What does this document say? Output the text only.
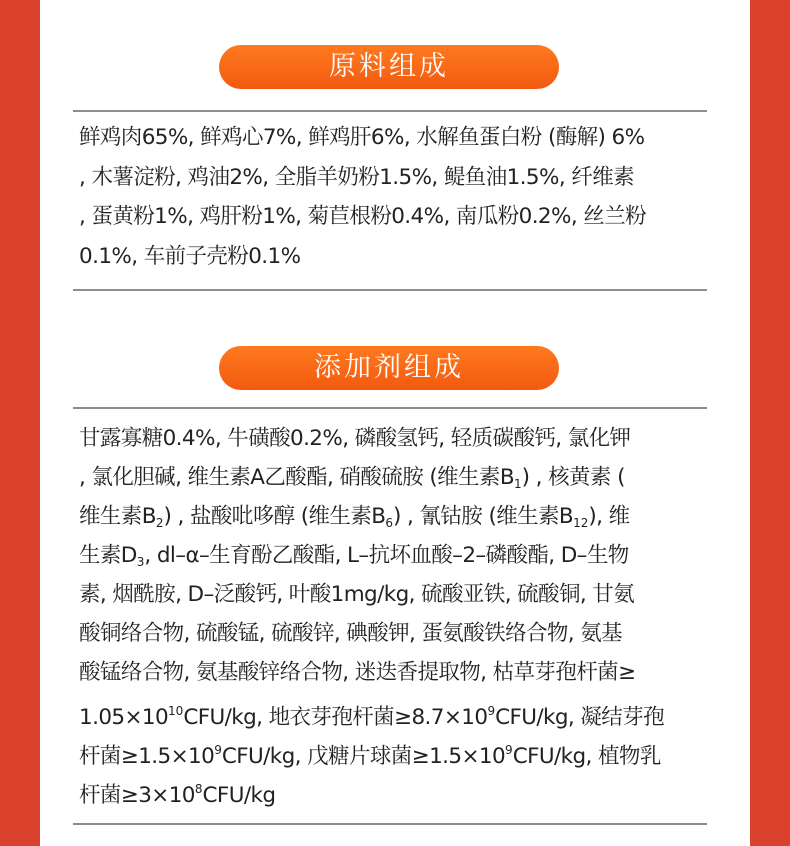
原料组成
鲜鸡肉65%, 鲜鸡心7%, 鲜鸡肝6%, 水解鱼蛋白粉 (酶解) 6%
, 木薯淀粉, 鸡油2%, 全脂羊奶粉1.5%, 鳀鱼油1.5%, 纤维素
, 蛋黄粉1%, 鸡肝粉1%, 菊苣根粉0.4%, 南瓜粉0.2%, 丝兰粉
0.1%, 车前子壳粉0.1%
添加剂组成
甘露寡糖0.4%, 牛磺酸0.2%, 磷酸氢钙, 轻质碳酸钙, 氯化钾
, 氯化胆碱, 维生素A乙酸酯, 硝酸硫胺 (维生素$B_1$) , 核黄素 (
维生素$B_2$) , 盐酸吡哆醇 (维生素$B_6$) , 氰钴胺 (维生素$B_{12}$), 维
生素$D_3$, dl–α–生育酚乙酸酯, L–抗坏血酸–2–磷酸酯, D–生物
素, 烟酰胺, D–泛酸钙, 叶酸1mg/kg, 硫酸亚铁, 硫酸铜, 甘氨
酸铜络合物, 硫酸锰, 硫酸锌, 碘酸钾, 蛋氨酸铁络合物, 氨基
酸锰络合物, 氨基酸锌络合物, 迷迭香提取物, 枯草芽孢杆菌≥
$1.05\times 10^{10}CFU/kg$, 地衣芽孢杆菌$\ge 8.7\times 10^9CFU/kg$, 凝结芽孢
杆菌$\ge 1.5\times 10^9CFU/kg$, 戊糖片球菌$\ge 1.5\times 10^9CFU/kg$, 植物乳
杆菌$\ge 3\times 10^8CFU/kg$
